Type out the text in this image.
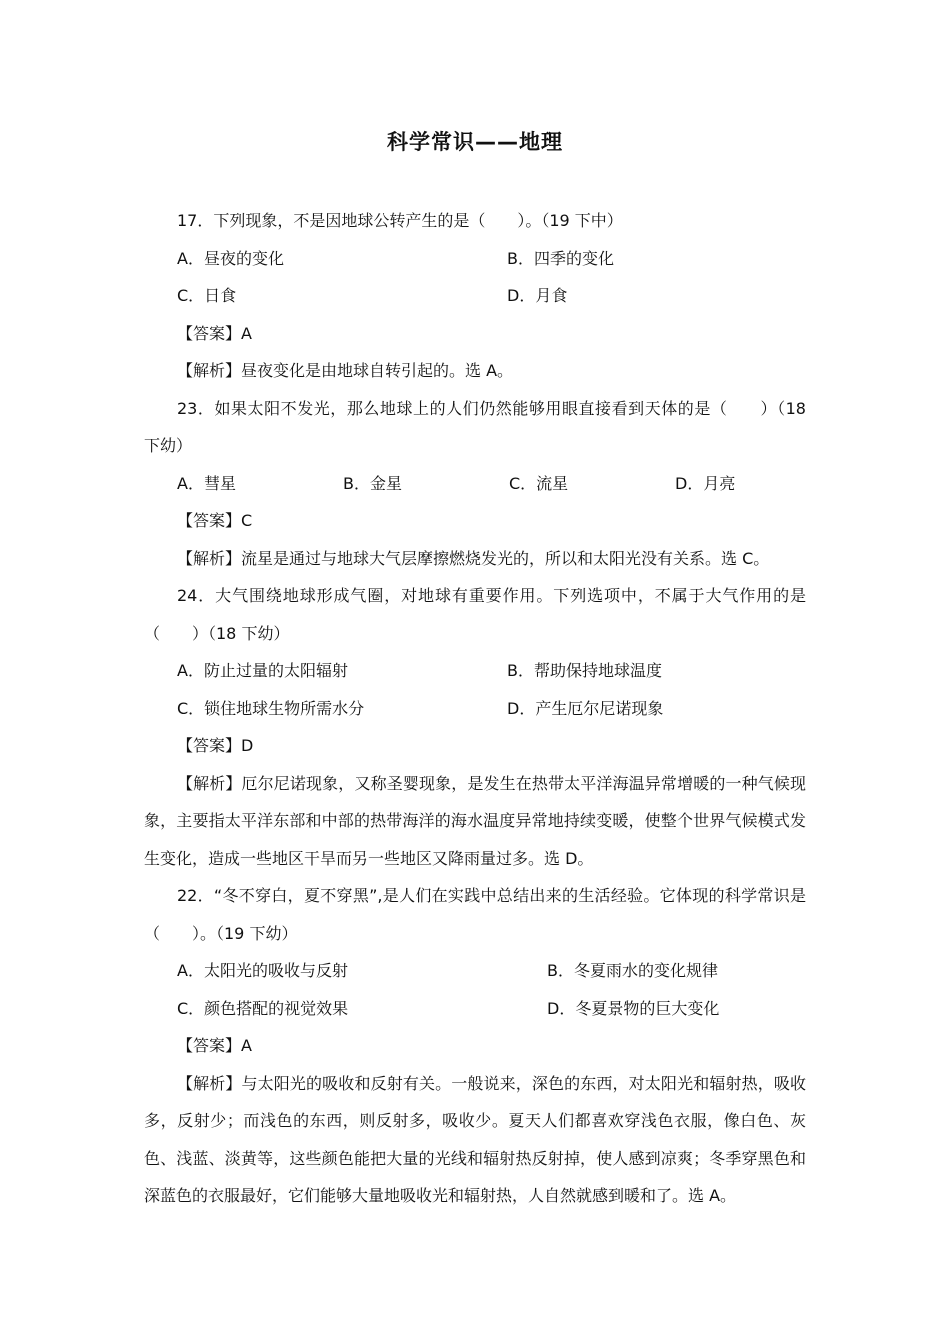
科学常识——地理
17．下列现象，不是因地球公转产生的是（　　）。（19 下中）
A．昼夜的变化	B．四季的变化
C．日食	D．月食
【答案】A
【解析】昼夜变化是由地球自转引起的。选 A。
23．如果太阳不发光，那么地球上的人们仍然能够用眼直接看到天体的是（　　）（18 下幼）
A．彗星	B．金星	C．流星	D．月亮
【答案】C
【解析】流星是通过与地球大气层摩擦燃烧发光的，所以和太阳光没有关系。选 C。
24．大气围绕地球形成气圈，对地球有重要作用。下列选项中，不属于大气作用的是（　　）（18 下幼）
A．防止过量的太阳辐射	B．帮助保持地球温度
C．锁住地球生物所需水分	D．产生厄尔尼诺现象
【答案】D
【解析】厄尔尼诺现象，又称圣婴现象，是发生在热带太平洋海温异常增暖的一种气候现象，主要指太平洋东部和中部的热带海洋的海水温度异常地持续变暖，使整个世界气候模式发生变化，造成一些地区干旱而另一些地区又降雨量过多。选 D。
22．“冬不穿白，夏不穿黑”,是人们在实践中总结出来的生活经验。它体现的科学常识是（　　）。（19 下幼）
A．太阳光的吸收与反射	B．冬夏雨水的变化规律
C．颜色搭配的视觉效果	D．冬夏景物的巨大变化
【答案】A
【解析】与太阳光的吸收和反射有关。一般说来，深色的东西，对太阳光和辐射热，吸收多，反射少；而浅色的东西，则反射多，吸收少。夏天人们都喜欢穿浅色衣服，像白色、灰色、浅蓝、淡黄等，这些颜色能把大量的光线和辐射热反射掉，使人感到凉爽；冬季穿黑色和深蓝色的衣服最好，它们能够大量地吸收光和辐射热，人自然就感到暖和了。选 A。
